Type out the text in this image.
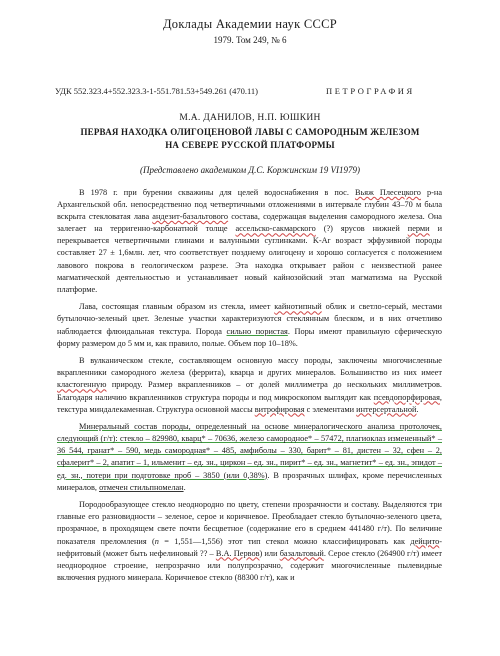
Доклады Академии наук СССР
1979. Том 249, № 6
УДК 552.323.4+552.323.3-1-551.781.53+549.261 (470.11)	ПЕТРОГРАФИЯ
М.А. ДАНИЛОВ, Н.П. ЮШКИН
ПЕРВАЯ НАХОДКА ОЛИГОЦЕНОВОЙ ЛАВЫ С САМОРОДНЫМ ЖЕЛЕЗОМ
НА СЕВЕРЕ РУССКОЙ ПЛАТФОРМЫ
(Представлено академиком Д.С. Коржинским 19 VI1979)

В 1978 г. при бурении скважины для целей водоснабжения в пос. Вьяж Плесецкого р-на Архангельской обл. непосредственно под четвертичными отложениями в интервале глубин 43–70 м была вскрыта стекловатая лава андезит-базальтового состава, содержащая выделения самородного железа. Она залегает на терригенно-карбонатной толще ассельско-сакмарского (?) ярусов нижней перми и перекрывается четвертичными глинами и валунными суглинками. K-Ar возраст эффузивной породы составляет 27 ± 1,6млн. лет, что соответствует позднему олигоцену и хорошо согласуется с положением лавового покрова в геологическом разрезе. Эта находка открывает район с неизвестной ранее магматической деятельностью и устанавливает новый кайнозойский этап магматизма на Русской платформе.

Лава, состоящая главным образом из стекла, имеет кайнотипный облик и светло-серый, местами бутылочно-зеленый цвет. Зеленые участки характеризуются стеклянным блеском, и в них отчетливо наблюдается флюидальная текстура. Порода сильно пористая. Поры имеют правильную сферическую форму размером до 5 мм и, как правило, полые. Объем пор 10–18%.

В вулканическом стекле, составляющем основную массу породы, заключены многочисленные вкрапленники самородного железа (феррита), кварца и других минералов. Большинство из них имеет кластогенную природу. Размер вкрапленников – от долей миллиметра до нескольких миллиметров. Благодаря наличию вкрапленников структура породы и под микроскопом выглядит как псевдопорфировая, текстура миндалекаменная. Структура основной массы витрофировая с элементами интерсертальной.

Минеральный состав породы, определенный на основе минералогического анализа протолочек, следующий (г/т): стекло – 829980, кварц* – 70636, железо самородное* – 57472, плагиоклаз измененный* – 36 544, гранат* – 590, медь самородная* – 485, амфиболы – 330, барит* – 81, дистен – 32, сфен – 2, сфалерит* – 2, апатит – 1, ильменит – ед. зн., циркон – ед. зн., пирит* – ед. зн., магнетит* – ед. зн., эпидот – ед. зн., потери при подготовке проб – 3850 (или 0,38%). В прозрачных шлифах, кроме перечисленных минералов, отмечен стильпномелан.

Породообразующее стекло неоднородно по цвету, степени прозрачности и составу. Выделяются три главные его разновидности – зеленое, серое и коричневое. Преобладает стекло бутылочно-зеленого цвета, прозрачное, в проходящем свете почти бесцветное (содержание его в среднем 441480 г/т). По величине показателя преломления (n = 1,551—1,556) этот тип стекол можно классифицировать как дейцито-нефритовый (может быть нефелиновый ?? – В.А. Первов) или базальтовый. Серое стекло (264900 г/т) имеет неоднородное строение, непрозрачно или полупрозрачно, содержит многочисленные пылевидные включения рудного минерала. Коричневое стекло (88300 г/т), как и
